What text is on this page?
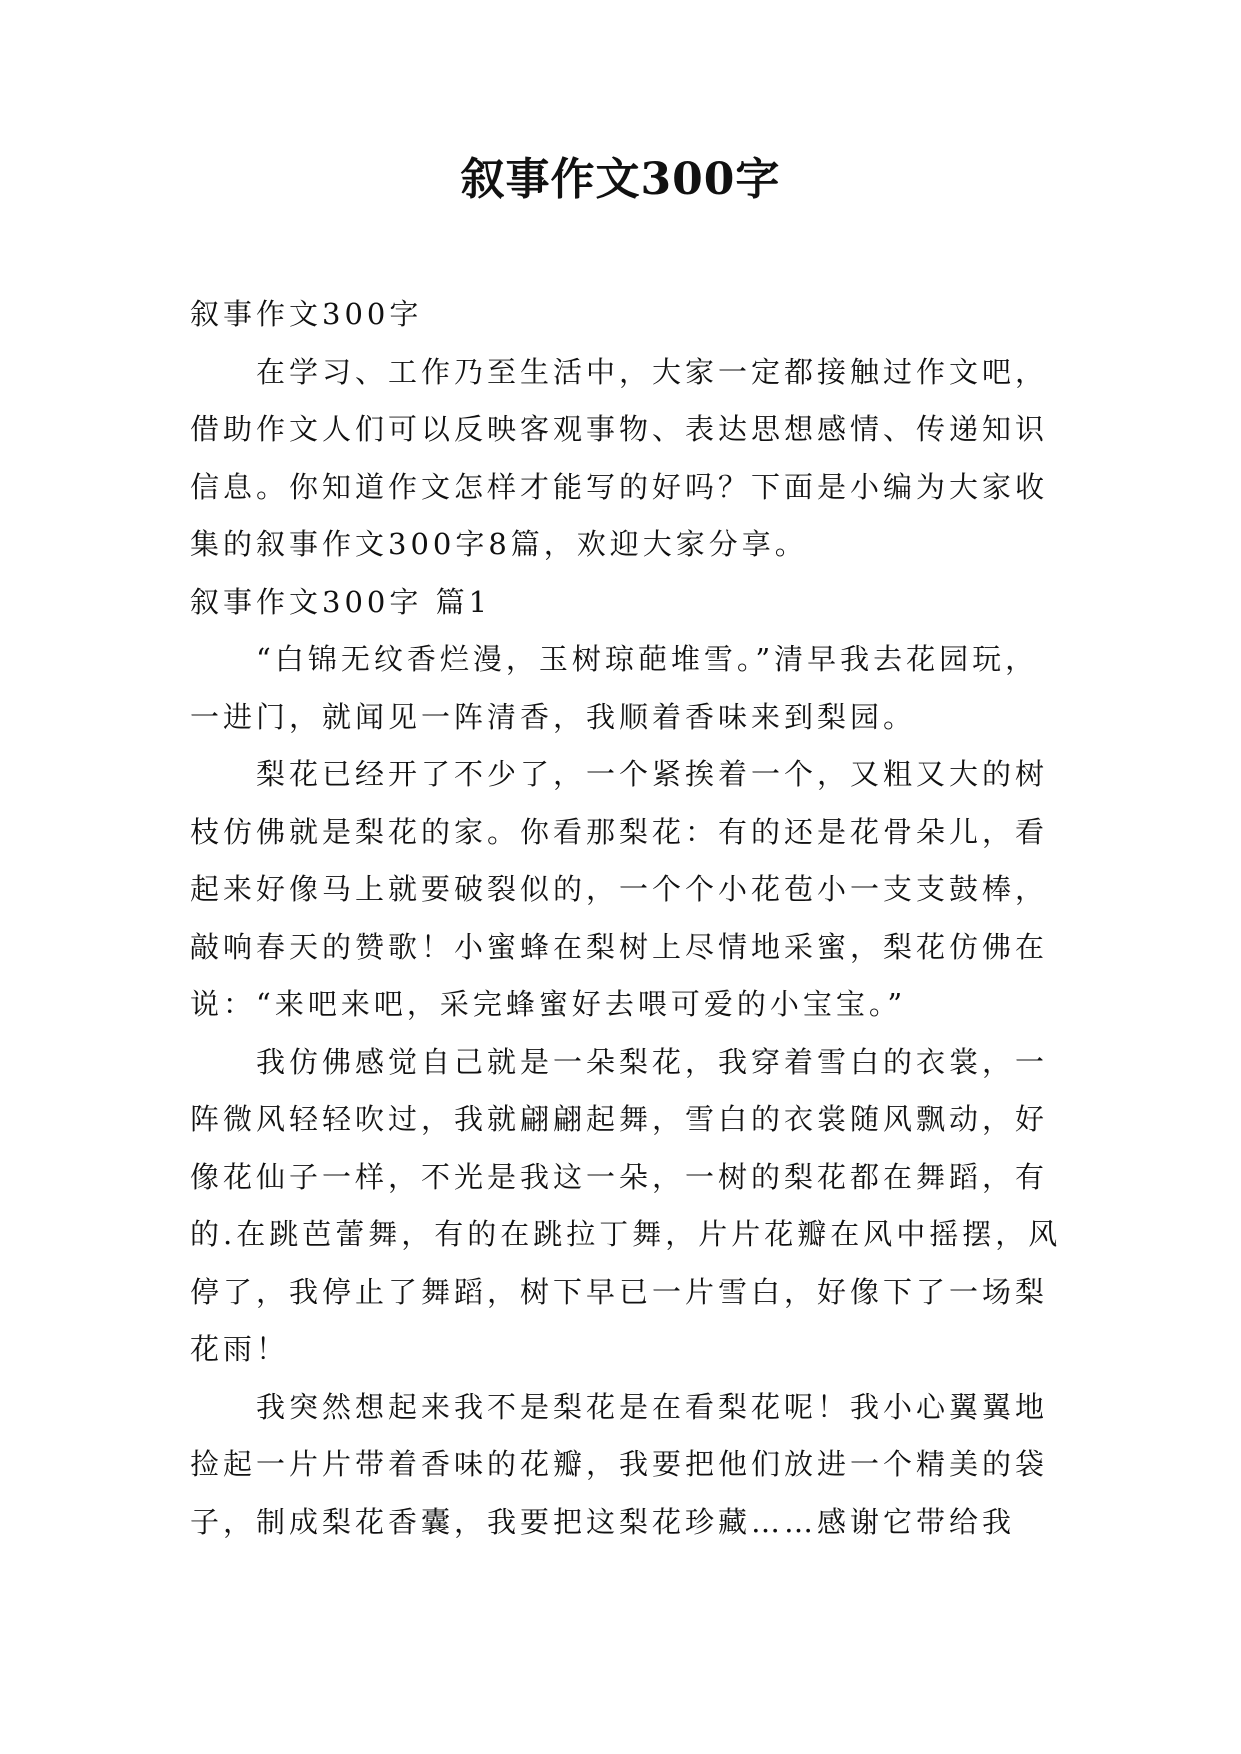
叙事作文300字

叙事作文300字

在学习、工作乃至生活中，大家一定都接触过作文吧，借助作文人们可以反映客观事物、表达思想感情、传递知识信息。你知道作文怎样才能写的好吗？下面是小编为大家收集的叙事作文300字8篇，欢迎大家分享。

叙事作文300字 篇1

“白锦无纹香烂漫，玉树琼葩堆雪。”清早我去花园玩，一进门，就闻见一阵清香，我顺着香味来到梨园。

梨花已经开了不少了，一个紧挨着一个，又粗又大的树枝仿佛就是梨花的家。你看那梨花：有的还是花骨朵儿，看起来好像马上就要破裂似的，一个个小花苞小一支支鼓棒，敲响春天的赞歌！小蜜蜂在梨树上尽情地采蜜，梨花仿佛在说：“来吧来吧，采完蜂蜜好去喂可爱的小宝宝。”

我仿佛感觉自己就是一朵梨花，我穿着雪白的衣裳，一阵微风轻轻吹过，我就翩翩起舞，雪白的衣裳随风飘动，好像花仙子一样，不光是我这一朵，一树的梨花都在舞蹈，有的.在跳芭蕾舞，有的在跳拉丁舞，片片花瓣在风中摇摆，风停了，我停止了舞蹈，树下早已一片雪白，好像下了一场梨花雨！

我突然想起来我不是梨花是在看梨花呢！我小心翼翼地捡起一片片带着香味的花瓣，我要把他们放进一个精美的袋子，制成梨花香囊，我要把这梨花珍藏……感谢它带给我
